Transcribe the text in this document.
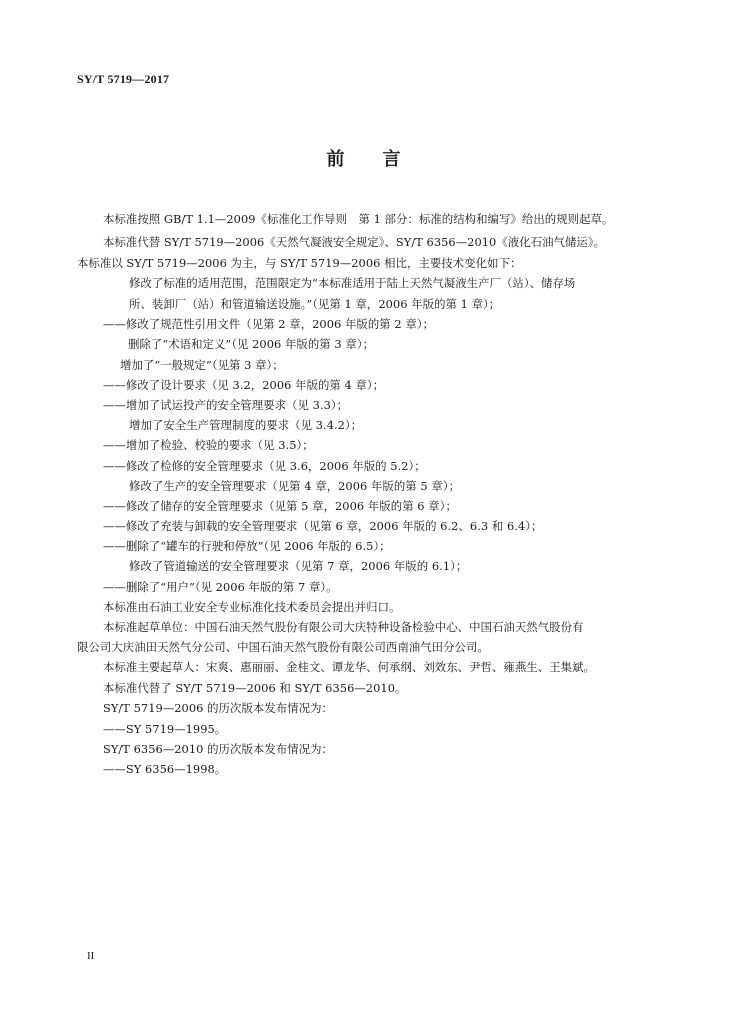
SY/T 5719—2017
前 言
本标准按照 GB/T 1.1—2009《标准化工作导则　第 1 部分：标准的结构和编写》给出的规则起草。
本标准代替 SY/T 5719—2006《天然气凝液安全规定》、SY/T 6356—2010《液化石油气储运》。
本标准以 SY/T 5719—2006 为主，与 SY/T 5719—2006 相比，主要技术变化如下：
修改了标准的适用范围，范围限定为“本标准适用于陆上天然气凝液生产厂（站）、储存场
所、装卸厂（站）和管道输送设施。”（见第 1 章，2006 年版的第 1 章）；
——修改了规范性引用文件（见第 2 章，2006 年版的第 2 章）；
删除了“术语和定义”（见 2006 年版的第 3 章）；
增加了“一般规定”（见第 3 章）；
——修改了设计要求（见 3.2，2006 年版的第 4 章）；
——增加了试运投产的安全管理要求（见 3.3）；
增加了安全生产管理制度的要求（见 3.4.2）；
——增加了检验、校验的要求（见 3.5）；
——修改了检修的安全管理要求（见 3.6，2006 年版的 5.2）；
修改了生产的安全管理要求（见第 4 章，2006 年版的第 5 章）；
——修改了储存的安全管理要求（见第 5 章，2006 年版的第 6 章）；
——修改了充装与卸载的安全管理要求（见第 6 章，2006 年版的 6.2、6.3 和 6.4）；
——删除了“罐车的行驶和停放”（见 2006 年版的 6.5）；
修改了管道输送的安全管理要求（见第 7 章，2006 年版的 6.1）；
——删除了“用户”（见 2006 年版的第 7 章）。
本标准由石油工业安全专业标准化技术委员会提出并归口。
本标准起草单位：中国石油天然气股份有限公司大庆特种设备检验中心、中国石油天然气股份有
限公司大庆油田天然气分公司、中国石油天然气股份有限公司西南油气田分公司。
本标准主要起草人：宋爽、惠丽丽、金桂文、谭龙华、何承纲、刘效东、尹哲、雍燕生、王集斌。
本标准代替了 SY/T 5719—2006 和 SY/T 6356—2010。
SY/T 5719—2006 的历次版本发布情况为：
——SY 5719—1995。
SY/T 6356—2010 的历次版本发布情况为：
——SY 6356—1998。
II
